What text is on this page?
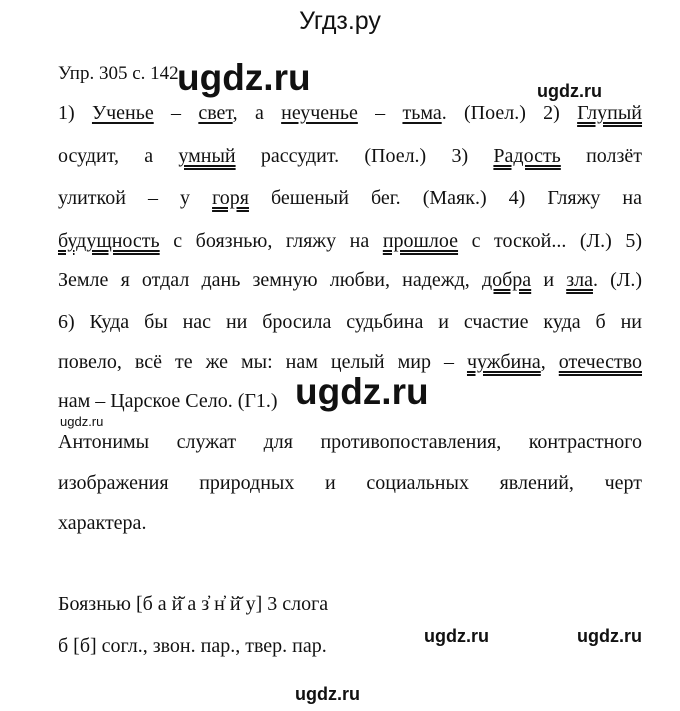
Угдз.ру
ugdz.ru	ugdz.ru
ugdz.ru
ugdz.ru
ugdz.ru	ugdz.ru
ugdz.ru
Упр. 305 с. 142
1) Ученье – свет, а неученье – тьма. (Поел.) 2) Глупый
осудит, а умный рассудит. (Поел.) 3) Радость ползёт
улиткой – у горя бешеный бег. (Маяк.) 4) Гляжу на
будущность с боязнью, гляжу на прошлое с тоской... (Л.) 5)
Земле я отдал дань земную любви, надежд, добра и зла. (Л.)
6) Куда бы нас ни бросила судьбина и счастие куда б ни
повело, всё те же мы: нам целый мир – чужбина, отечество
нам – Царское Село. (Г1.)
Антонимы служат для противопоставления, контрастного
изображения природных и социальных явлений, черт
характера.
Боязнью [б а й̆ а з̓ н̓ й̆ у] 3 слога
б [б] согл., звон. пар., твер. пар.
